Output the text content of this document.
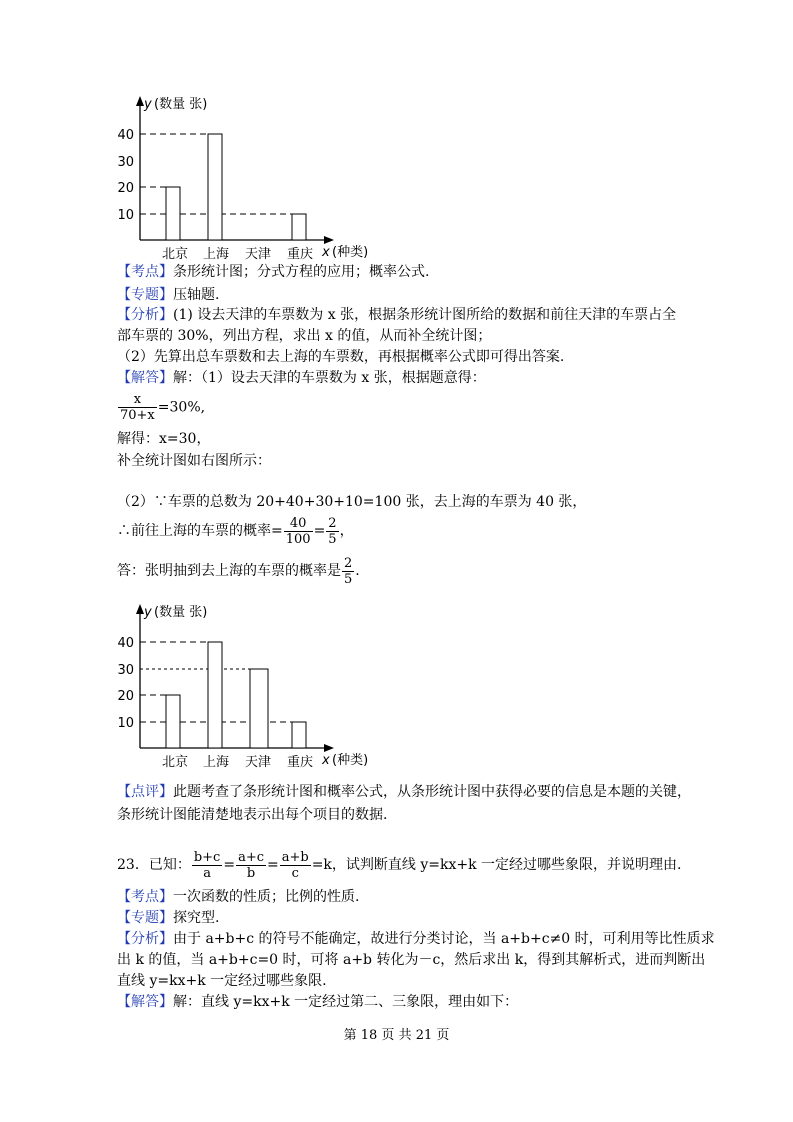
y (数量 张)
x (种类)
10
20
30
40
北京 上海 天津 重庆
【考点】条形统计图；分式方程的应用；概率公式.
【专题】压轴题.
【分析】(1) 设去天津的车票数为 x 张，根据条形统计图所给的数据和前往天津的车票占全
部车票的 30%，列出方程，求出 x 的值，从而补全统计图；
（2）先算出总车票数和去上海的车票数，再根据概率公式即可得出答案.
【解答】解：（1）设去天津的车票数为 x 张，根据题意得：
$\frac{x}{70+x} =30\%$,
解得：x=30，
补全统计图如右图所示：
（2）∵车票的总数为 20+40+30+10=100 张，去上海的车票为 40 张，
∴前往上海的车票的概率= $\frac{40}{100} = \frac{2}{5}$ ，
答：张明抽到去上海的车票的概率是 $\frac{2}{5}$ .
y (数量 张)
x (种类)
10
20
30
40
北京 上海 天津 重庆
【点评】此题考查了条形统计图和概率公式，从条形统计图中获得必要的信息是本题的关键，
条形统计图能清楚地表示出每个项目的数据.
23．已知： $\frac{b+c}{a} = \frac{a+c}{b} = \frac{a+b}{c} =k$，试判断直线 y=kx+k 一定经过哪些象限，并说明理由.
【考点】一次函数的性质；比例的性质.
【专题】探究型.
【分析】由于 a+b+c 的符号不能确定，故进行分类讨论，当 a+b+c≠0 时，可利用等比性质求
出 k 的值，当 a+b+c=0 时，可将 a+b 转化为－c，然后求出 k，得到其解析式，进而判断出
直线 y=kx+k 一定经过哪些象限.
【解答】解：直线 y=kx+k 一定经过第二、三象限，理由如下：
第 18 页 共 21 页
